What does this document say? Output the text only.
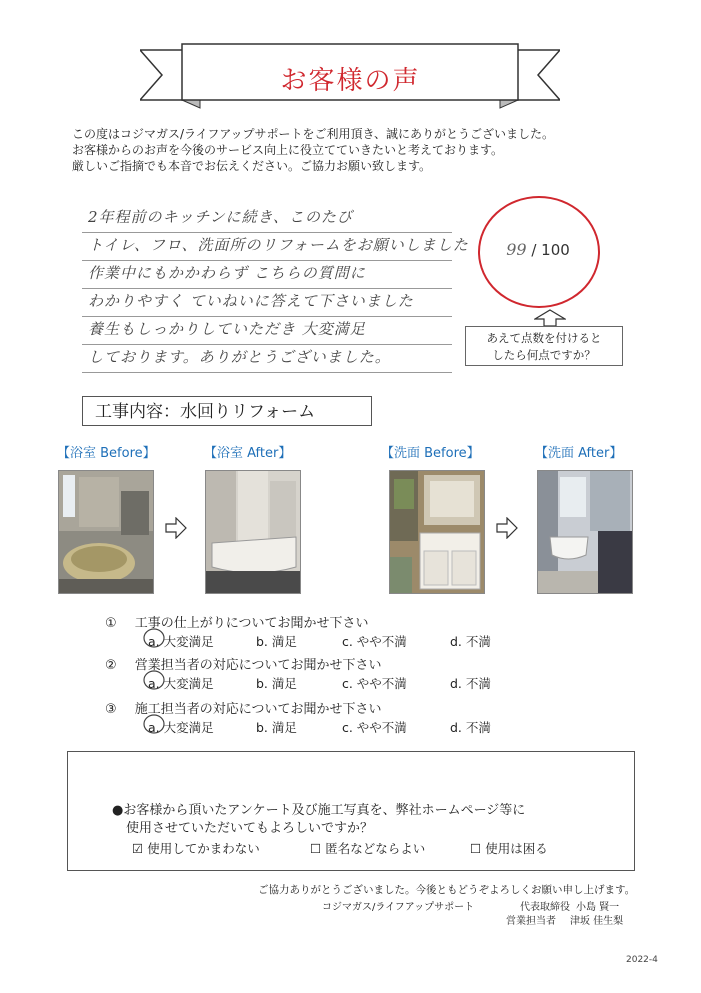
お客様の声
この度はコジマガス/ライフアップサポートをご利用頂き、誠にありがとうございました。
お客様からのお声を今後のサービス向上に役立てていきたいと考えております。
厳しいご指摘でも本音でお伝えください。ご協力お願い致します。
2年程前のキッチンに続き、このたび
トイレ、フロ、洗面所のリフォームをお願いしました
作業中にもかかわらず こちらの質問に
わかりやすく ていねいに答えて下さいました
養生もしっかりしていただき 大変満足
しております。ありがとうございました。
99 / 100
あえて点数を付けると
したら何点ですか？
工事内容：水回りリフォーム
【浴室 Before】	【浴室 After】	【洗面 Before】	【洗面 After】
① 工事の仕上がりについてお聞かせ下さい
a. 大変満足	b. 満足	c. やや不満	d. 不満
② 営業担当者の対応についてお聞かせ下さい
a. 大変満足	b. 満足	c. やや不満	d. 不満
③ 施工担当者の対応についてお聞かせ下さい
a. 大変満足	b. 満足	c. やや不満	d. 不満
●お客様から頂いたアンケート及び施工写真を、弊社ホームページ等に
使用させていただいてもよろしいですか？
☑ 使用してかまわない	☐ 匿名などならよい	☐ 使用は困る
ご協力ありがとうございました。今後ともどうぞよろしくお願い申し上げます。
コジマガス/ライフアップサポート	代表取締役 小島 賢一
営業担当者 津坂 佳生梨
2022-4
